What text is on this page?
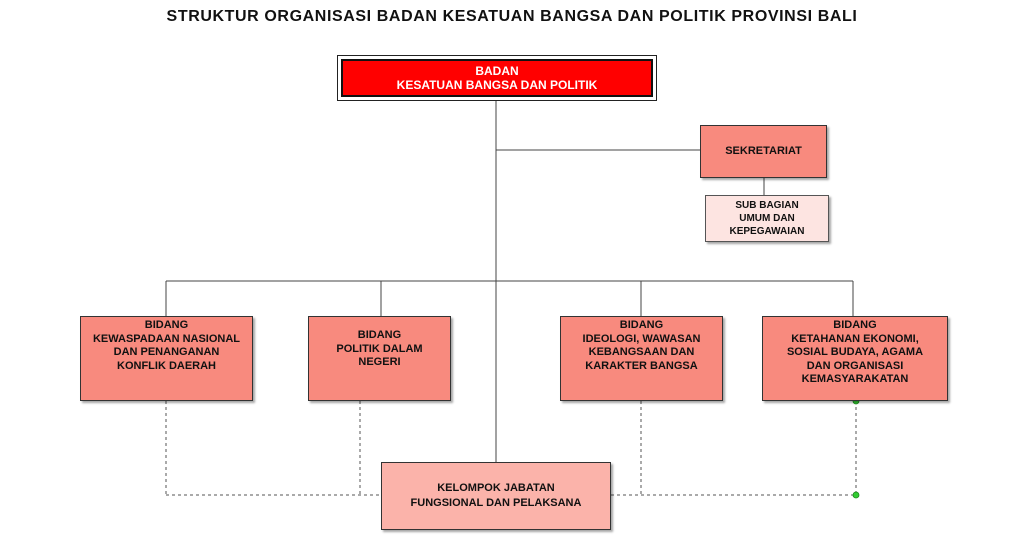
STRUKTUR ORGANISASI BADAN KESATUAN BANGSA DAN POLITIK PROVINSI BALI
BADAN
KESATUAN BANGSA DAN POLITIK
SEKRETARIAT
SUB BAGIAN
UMUM DAN
KEPEGAWAIAN
BIDANG
KEWASPADAAN NASIONAL
DAN PENANGANAN
KONFLIK DAERAH
BIDANG
POLITIK DALAM
NEGERI
BIDANG
IDEOLOGI, WAWASAN
KEBANGSAAN DAN
KARAKTER BANGSA
BIDANG
KETAHANAN EKONOMI,
SOSIAL BUDAYA, AGAMA
DAN ORGANISASI
KEMASYARAKATAN
KELOMPOK JABATAN
FUNGSIONAL DAN PELAKSANA
